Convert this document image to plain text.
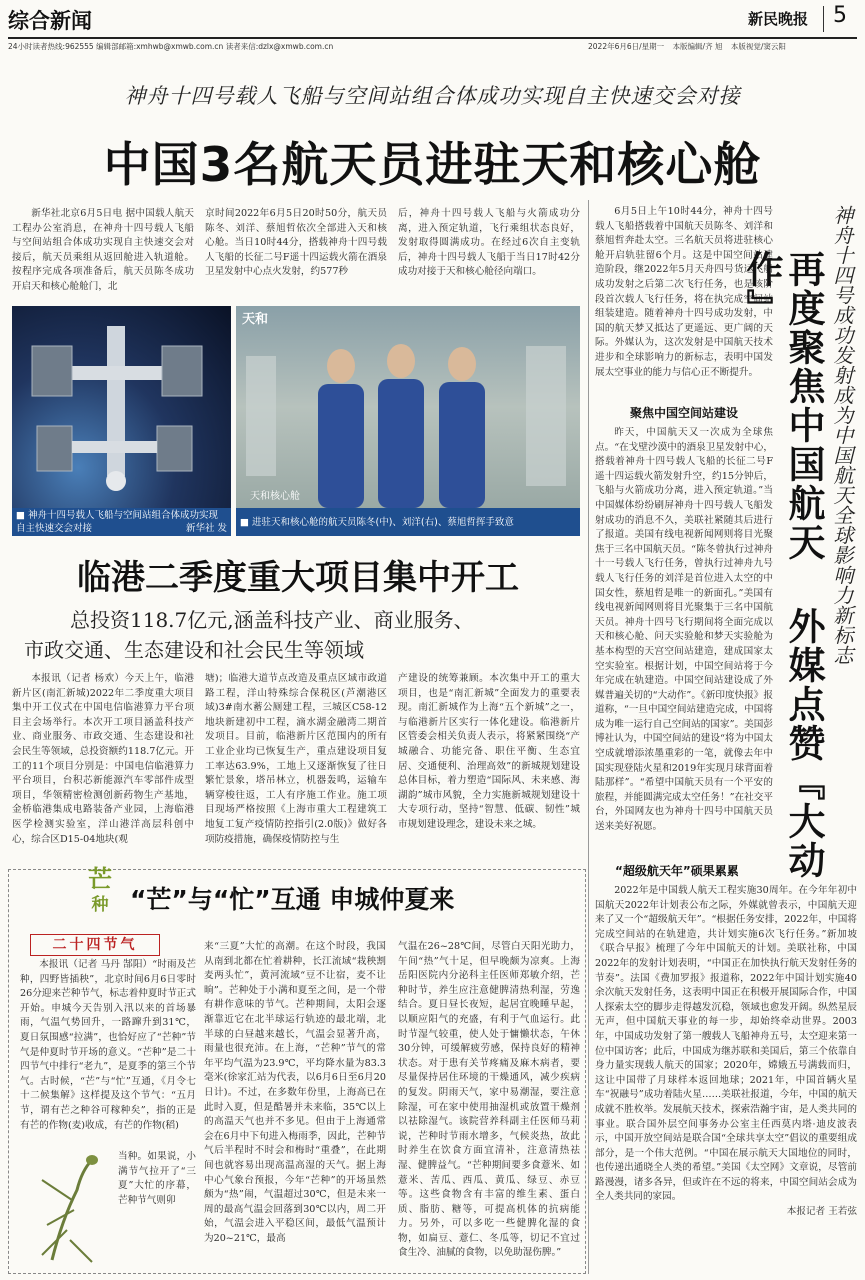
综合新闻	新民晚报 5
24小时读者热线:962555 编辑部邮箱:xmhwb@xmwb.com.cn 读者来信:dzlx@xmwb.com.cn	2022年6月6日/星期一 本版编辑/齐 旭 本版视觉/窦云阳
神舟十四号载人飞船与空间站组合体成功实现自主快速交会对接
中国3名航天员进驻天和核心舱

新华社北京6月5日电 据中国载人航天工程办公室消息，在神舟十四号载人飞船与空间站组合体成功实现自主快速交会对接后，航天员乘组从返回舱进入轨道舱。按程序完成各项准备后，航天员陈冬成功开启天和核心舱舱门，北

京时间2022年6月5日20时50分，航天员陈冬、刘洋、蔡旭哲依次全部进入天和核心舱。当日10时44分，搭载神舟十四号载人飞船的长征二号F遥十四运载火箭在酒泉卫星发射中心点火发射，约577秒

后，神舟十四号载人飞船与火箭成功分离，进入预定轨道，飞行乘组状态良好，发射取得圆满成功。在经过6次自主变轨后，神舟十四号载人飞船于当日17时42分成功对接于天和核心舱径向端口。

天和
天和核心舱
■ 神舟十四号载人飞船与空间站组合体成功实现自主快速交会对接	新华社 发
■ 进驻天和核心舱的航天员陈冬(中)、刘洋(右)、蔡旭哲挥手致意
临港二季度重大项目集中开工
总投资118.7亿元,涵盖科技产业、商业服务、
市政交通、生态建设和社会民生等领域

本报讯（记者 杨欢）今天上午，临港新片区(南汇新城)2022年二季度重大项目集中开工仪式在中国电信临港算力平台项目主会场举行。本次开工项目涵盖科技产业、商业服务、市政交通、生态建设和社会民生等领域，总投资额约118.7亿元。开工的11个项目分别是：中国电信临港算力平台项目，台积芯新能源汽车零部件成型项目，华领精密检测创新药物生产基地，金桥临港集成电路装备产业园，上海临港医学检测实验室，洋山港洋高层科创中心，综合区D15-04地块(观

塘)；临港大道节点改造及重点区域市政道路工程，洋山特殊综合保税区(芦潮港区域)3#南水蓄公厕建工程，三城区C58-12地块新建初中工程，滴水湖金融湾二期首发项目。目前，临港新片区范围内的所有工业企业均已恢复生产，重点建设项目复工率达63.9%，工地上又逐渐恢复了往日繁忙景象，塔吊林立，机器轰鸣，运输车辆穿梭往返，工人有序施工作业。施工项目现场严格按照《上海市重大工程建筑工地复工复产疫情防控指引(2.0版)》做好各项防疫措施，确保疫情防控与生

产建设的统筹兼顾。本次集中开工的重大项目，也是“南汇新城”全面发力的重要表现。南汇新城作为上海“五个新城”之一，与临港新片区实行一体化建设。临港新片区管委会相关负责人表示，将紧紧围绕“产城融合、功能完备、职住平衡、生态宜居、交通便利、治理高效”的新城规划建设总体目标，着力塑造“国际风、未来感、海湖韵”城市风貌，全力实施新城规划建设十大专项行动，坚持“智慧、低碳、韧性”城市规划建设理念，建设未来之城。

芒
种 “芒”与“忙”互通 申城仲夏来
二十四节气

本报讯（记者 马丹 郜阳）“时雨及芒种，四野皆插秧”，北京时间6月6日零时26分迎来芒种节气，标志着仲夏时节正式开始。申城今天告别入汛以来的首场暴雨，气温气势回升，一路蹿升到31℃，夏日氛围感“拉满”，也恰好应了“芒种”节气是仲夏时节开场的意义。“芒种”是二十四节气中排行“老九”，是夏季的第三个节气。古时候，“芒”与“忙”互通，《月令七十二候集解》这样提及这个节气：“五月节，谓有芒之种谷可稼种矣”，指的正是有芒的作物(麦)收成，有芒的作物(稻)

当种。如果说，小满节气拉开了“三夏”大忙的序幕，芒种节气则卯

来“三夏”大忙的高潮。在这个时段，我国从南到北都在忙着耕种，长江流域“栽秧割麦两头忙”，黄河流域“豆不让宿，麦不让晌”。芒种处于小满和夏至之间，是一个带有耕作意味的节气。芒种期间，太阳会逐渐靠近它在北半球运行轨迹的最北端，北半球的白昼越来越长，气温会显著升高，雨量也很充沛。在上海，“芒种”节气的常年平均气温为23.9℃，平均降水量为83.3毫米(徐家汇站为代表，以6月6日至6月20日计)。不过，在多数年份里，上海高已在此时入夏，但是酷暑并未来临，35℃以上的高温天气也并不多见。但由于上海通常会在6月中下旬进入梅雨季，因此，芒种节气后半程时不时会和梅时“重叠”，在此期间也就容易出现高温高湿的天气。据上海中心气象台预报，今年“芒种”的开场虽然颇为“热”闹，气温超过30℃，但是未来一周的最高气温会回落到30℃以内，周二开始，气温会进入平稳区间，最低气温预计为20~21℃，最高

气温在26~28℃间，尽管白天阳光助力，午间“热”气十足，但早晚颇为凉爽。上海岳阳医院内分泌科主任医师郑敏介绍，芒种时节，养生应注意健脾清热利湿，劳逸结合。夏日昼长夜短，起居宜晚睡早起，以顺应阳气的充盛，有利于气血运行。此时节湿气较重，使人处于慵懒状态，午休30分钟，可缓解疲劳感，保持良好的精神状态。对于患有关节疼痛及麻木病者，要尽量保持居住环境的干燥通风，减少疾病的复发。阴雨天气，家中易潮湿，要注意除湿，可在家中使用抽湿机或放置干燥剂以祛除湿气。该院营养科副主任医师马莉说，芒种时节雨水增多，气候炎热，故此时养生在饮食方面宜清补，注意清热祛湿、健脾益气。“芒种期间要多食薏米、如薏米、苦瓜、西瓜、黄瓜、绿豆、赤豆等。这些食物含有丰富的维生素、蛋白质、脂肪、糖等，可提高机体的抗病能力。另外，可以多吃一些健脾化湿的食物，如扁豆、薏仁、冬瓜等，切记不宜过食生冷、油腻的食物，以免助湿伤脾。”

6月5日上午10时44分，神舟十四号载人飞船搭载着中国航天员陈冬、刘洋和蔡旭哲奔赴太空。三名航天员将进驻核心舱开启轨驻留6个月。这是中国空间站建造阶段，继2022年5月天舟四号货运飞船成功发射之后第二次飞行任务，也是该阶段首次载人飞行任务，将在执完成空间站组装建造。随着神舟十四号成功发射，中国的航天梦又抵达了更遥远、更广阔的天际。外媒认为，这次发射是中国航天技术进步和全球影响力的新标志，表明中国发展太空事业的能力与信心正不断提升。 再度聚焦中国航天 外媒点赞『大动作』	神舟十四号成功发射成为中国航天全球影响力新标志
聚焦中国空间站建设

昨天，中国航天又一次成为全球焦点。“在戈壁沙漠中的酒泉卫星发射中心，搭载着神舟十四号载人飞船的长征二号F遥十四运载火箭发射升空，约15分钟后，飞船与火箭成功分离，进入预定轨道。”当中国媒体纷纷刷屏神舟十四号载人飞船发射成功的消息不久，美联社紧随其后进行了报道。美国有线电视新闻网则将目光聚焦于三名中国航天员。“陈冬曾执行过神舟十一号载人飞行任务，曾执行过神舟九号载人飞行任务的刘洋是首位进入太空的中国女性，蔡旭哲是唯一的新面孔。”美国有线电视新闻网则将目光聚集于三名中国航天员。神舟十四号飞行期间将全面完成以天和核心舱、问天实验舱和梦天实验舱为基本构型的天宫空间站建造，建成国家太空实验室。根据计划，中国空间站将于今年完成在轨建造。中国空间站建设成了外媒普遍关切的“大动作”。《新印度快报》报道称，“一旦中国空间站建造完成，中国将成为唯一运行自己空间站的国家”。美国彭博社认为，中国空间站的建设“将为中国太空成就增添浓墨重彩的一笔，就像去年中国实现登陆火星和2019年实现月球背面着陆那样”。“希望中国航天员有一个平安的旅程，并能圆满完成太空任务！”在社交平台，外国网友也为神舟十四号中国航天员送来美好祝愿。

“超级航天年”硕果累累

2022年是中国载人航天工程实施30周年。在今年年初中国航天2022年计划表公布之际，外媒就曾表示，中国航天迎来了又一个“超级航天年”。“根据任务安排，2022年，中国将完成空间站的在轨建造，共计划实施6次飞行任务。”新加坡《联合早报》梳理了今年中国航天的计划。美联社称，中国2022年的发射计划表明，“中国正在加快执行航天发射任务的节奏”。法国《费加罗报》报道称，2022年中国计划实施40余次航天发射任务，这表明中国正在积极开展国际合作，中国人探索太空的脚步走得越发沉稳，领域也愈发开阔。纵然星辰无声，但中国航天事业的每一步，却始终牵动世界。2003年，中国成功发射了第一艘载人飞船神舟五号，太空迎来第一位中国访客；此后，中国成为继苏联和美国后，第三个依靠自身力量实现载人航天的国家；2020年，嫦娥五号满载而归，这让中国带了月球样本返回地球；2021年，中国首辆火星车“祝融号”成功着陆火星……美联社报道，今年，中国的航天成就不胜枚举。发展航天技术，探索浩瀚宇宙，是人类共同的事业。联合国外层空间事务办公室主任西莫内塔·迪皮波表示，中国开放空间站是联合国“全球共享太空”倡议的重要组成部分，是一个伟大范例。“中国在展示航天大国地位的同时，也传递出通晓全人类的希望。”美国《太空网》文章说，尽管前路漫漫，诸多各异，但或许在不远的将来，中国空间站会成为全人类共同的家园。

本报记者 王若弦
